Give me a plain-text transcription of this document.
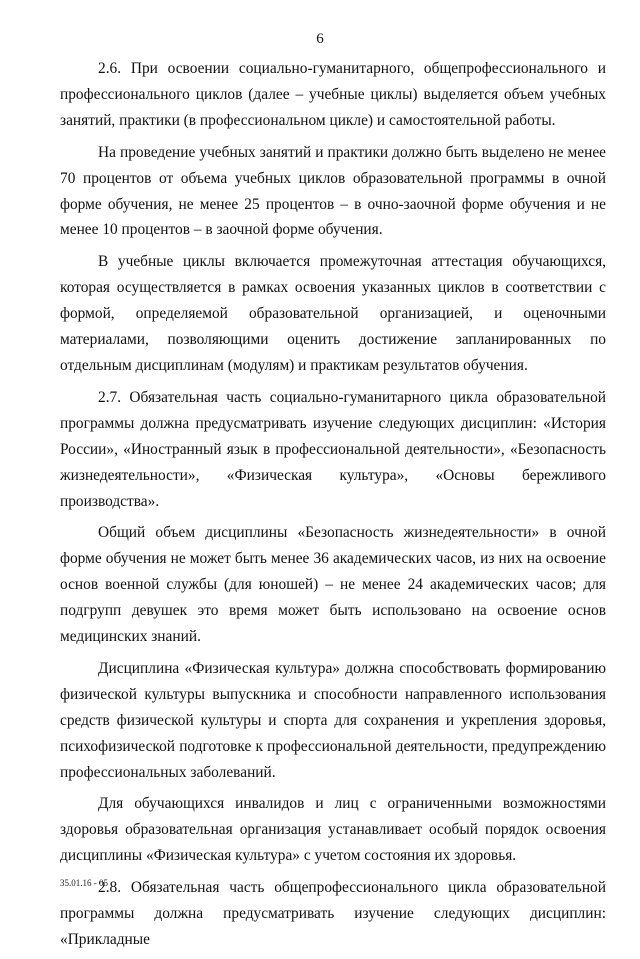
6

2.6. При освоении социально-гуманитарного, общепрофессионального и профессионального циклов (далее – учебные циклы) выделяется объем учебных занятий, практики (в профессиональном цикле) и самостоятельной работы.

На проведение учебных занятий и практики должно быть выделено не менее 70 процентов от объема учебных циклов образовательной программы в очной форме обучения, не менее 25 процентов – в очно-заочной форме обучения и не менее 10 процентов – в заочной форме обучения.

В учебные циклы включается промежуточная аттестация обучающихся, которая осуществляется в рамках освоения указанных циклов в соответствии с формой, определяемой образовательной организацией, и оценочными материалами, позволяющими оценить достижение запланированных по отдельным дисциплинам (модулям) и практикам результатов обучения.

2.7. Обязательная часть социально-гуманитарного цикла образовательной программы должна предусматривать изучение следующих дисциплин: «История России», «Иностранный язык в профессиональной деятельности», «Безопасность жизнедеятельности», «Физическая культура», «Основы бережливого производства».

Общий объем дисциплины «Безопасность жизнедеятельности» в очной форме обучения не может быть менее 36 академических часов, из них на освоение основ военной службы (для юношей) – не менее 24 академических часов; для подгрупп девушек это время может быть использовано на освоение основ медицинских знаний.

Дисциплина «Физическая культура» должна способствовать формированию физической культуры выпускника и способности направленного использования средств физической культуры и спорта для сохранения и укрепления здоровья, психофизической подготовке к профессиональной деятельности, предупреждению профессиональных заболеваний.

Для обучающихся инвалидов и лиц с ограниченными возможностями здоровья образовательная организация устанавливает особый порядок освоения дисциплины «Физическая культура» с учетом состояния их здоровья.

2.8. Обязательная часть общепрофессионального цикла образовательной программы должна предусматривать изучение следующих дисциплин: «Прикладные

35.01.16 - 05
